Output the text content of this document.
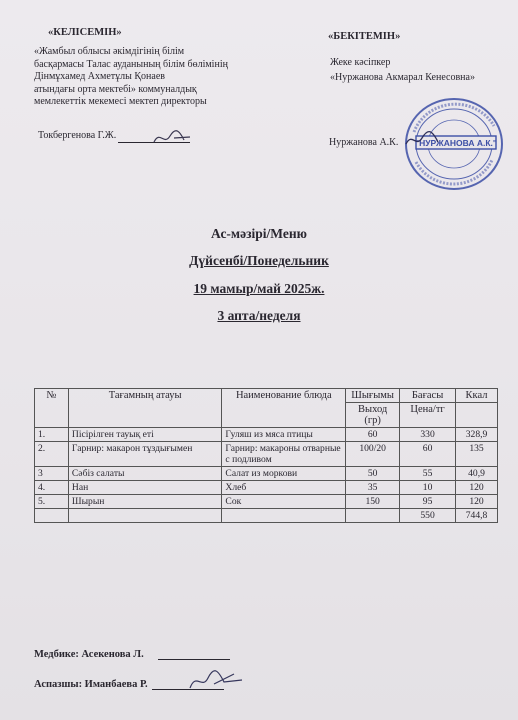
«КЕЛІСЕМІН»
«Жамбыл облысы әкімдігінің білім
басқармасы Талас ауданының білім бөлімінің
Дінмұхамед Ахметұлы Қонаев
атындағы орта мектебі» коммуналдық
мемлекеттік мекемесі мектеп директоры
Токбергенова Г.Ж.
«БЕКІТЕМІН»
Жеке кәсіпкер
«Нуржанова Акмарал Кенесовна»
Нуржанова А.К. "НУРЖАНОВА А.К."
Ас-мәзірі/Меню
Дүйсенбі/Понедельник
19 мамыр/май 2025ж.
3 апта/неделя
№	Тағамның атауы	Наименование блюда	Шығымы	Бағасы	Ккал
			Выход (гр)	Цена/тг	
1.	Пісірілген тауық еті	Гуляш из мяса птицы	60	330	328,9
2.	Гарнир: макарон тұздығымен	Гарнир: макароны отварные с подливом	100/20	60	135
3	Сәбіз салаты	Салат из моркови	50	55	40,9
4.	Нан	Хлеб	35	10	120
5.	Шырын	Сок	150	95	120
				550	744,8
Медбике: Асекенова Л.
Аспазшы: Иманбаева Р.
